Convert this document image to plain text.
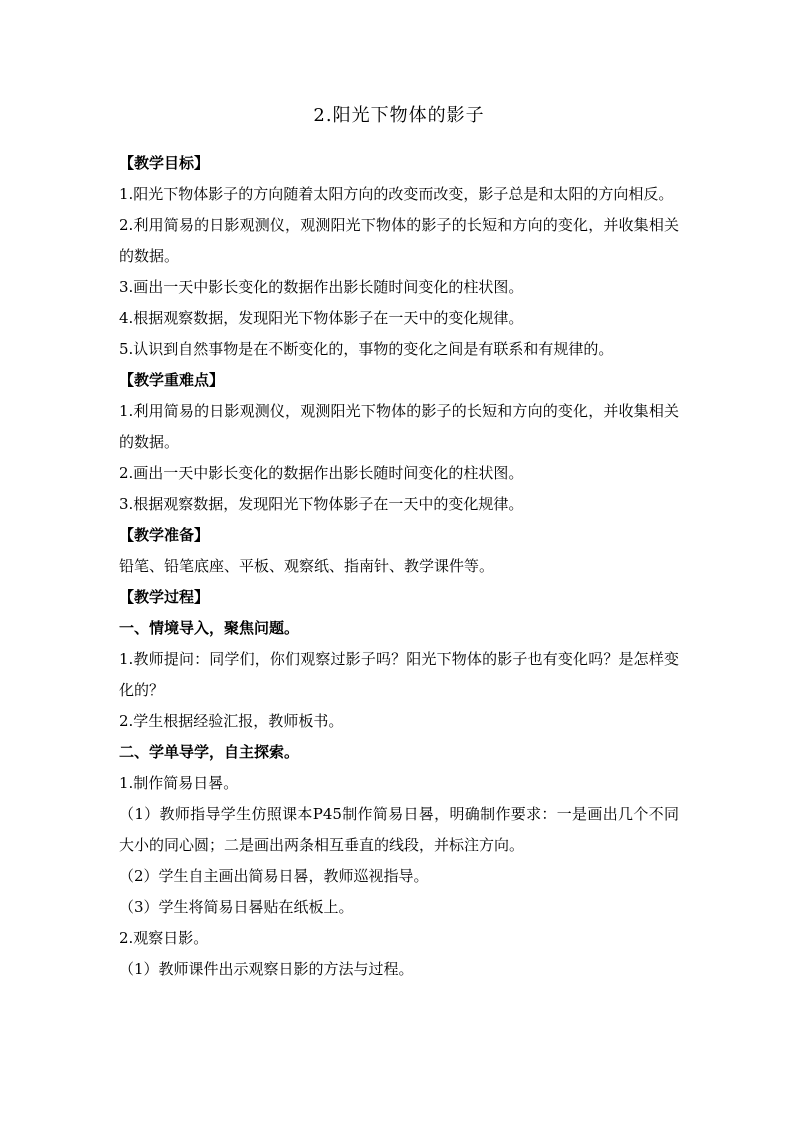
2.阳光下物体的影子
【教学目标】

1.阳光下物体影子的方向随着太阳方向的改变而改变，影子总是和太阳的方向相反。

2.利用简易的日影观测仪，观测阳光下物体的影子的长短和方向的变化，并收集相关的数据。

3.画出一天中影长变化的数据作出影长随时间变化的柱状图。

4.根据观察数据，发现阳光下物体影子在一天中的变化规律。

5.认识到自然事物是在不断变化的，事物的变化之间是有联系和有规律的。

【教学重难点】

1.利用简易的日影观测仪，观测阳光下物体的影子的长短和方向的变化，并收集相关的数据。

2.画出一天中影长变化的数据作出影长随时间变化的柱状图。

3.根据观察数据，发现阳光下物体影子在一天中的变化规律。

【教学准备】

铅笔、铅笔底座、平板、观察纸、指南针、教学课件等。

【教学过程】
一、情境导入，聚焦问题。

1.教师提问：同学们，你们观察过影子吗？阳光下物体的影子也有变化吗？是怎样变化的？

2.学生根据经验汇报，教师板书。

二、学单导学，自主探索。

1.制作简易日晷。

（1）教师指导学生仿照课本P45制作简易日晷，明确制作要求：一是画出几个不同大小的同心圆；二是画出两条相互垂直的线段，并标注方向。

（2）学生自主画出简易日晷，教师巡视指导。

（3）学生将简易日晷贴在纸板上。

2.观察日影。

（1）教师课件出示观察日影的方法与过程。
